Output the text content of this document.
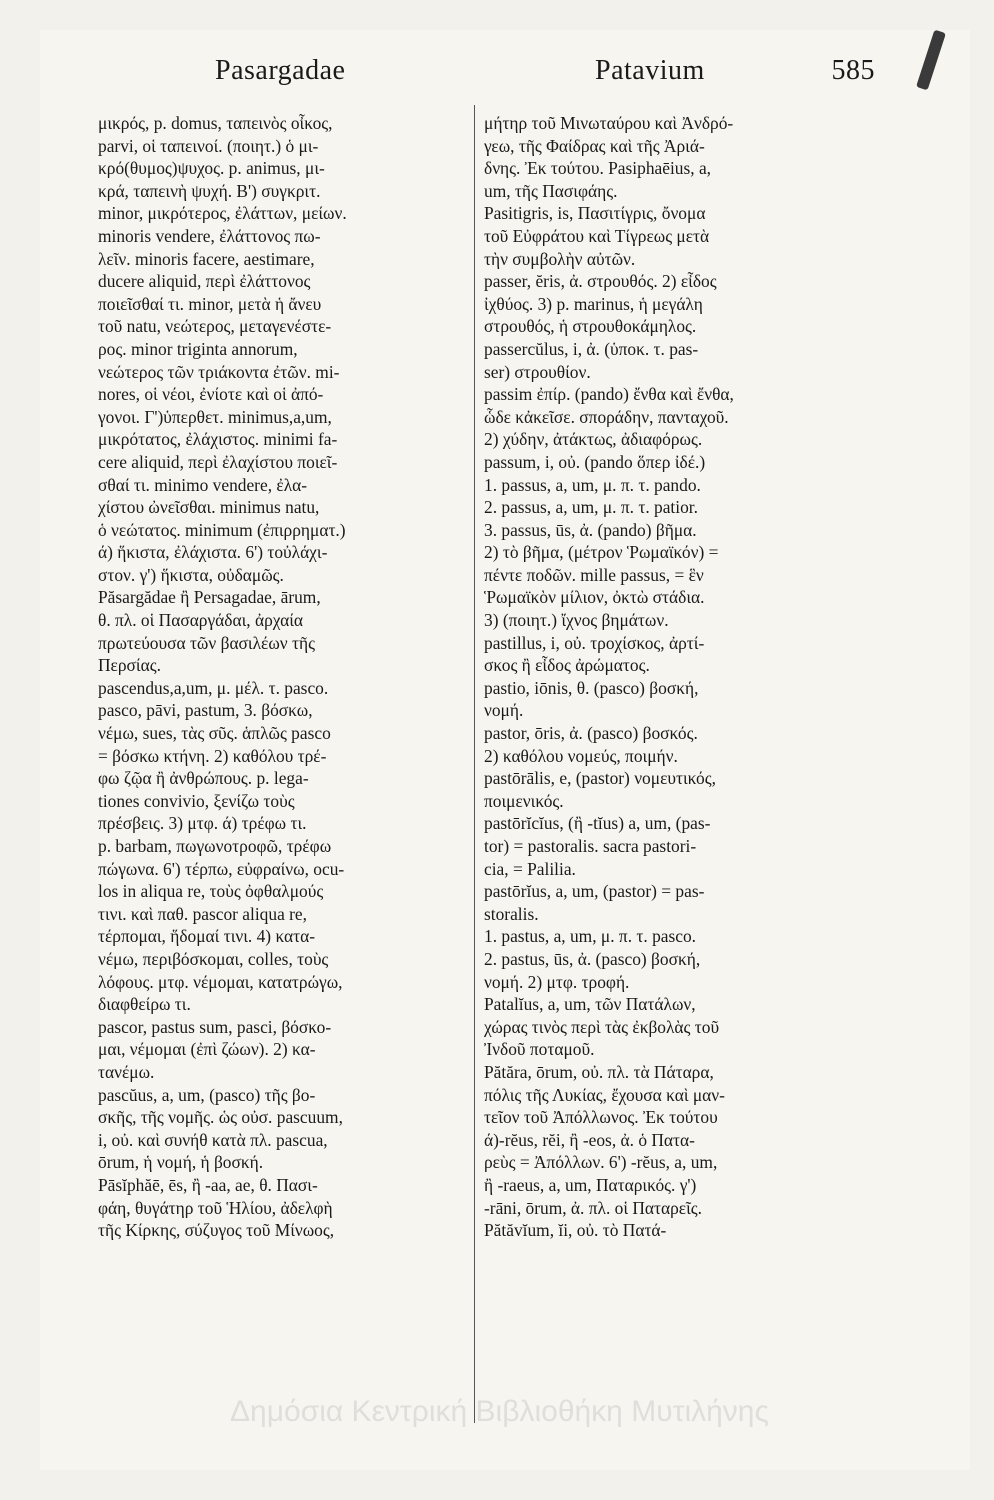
Pasargadae	Patavium	585
μικρός, p. domus, ταπεινὸς οἶκος,
parvi, οἱ ταπεινοί. (ποιητ.) ὁ μι-
κρό(θυμος)ψυχος. p. animus, μι-
κρά, ταπεινὴ ψυχή. Β') συγκριτ.
minor, μικρότερος, ἐλάττων, μείων.
minoris vendere, ἐλάττονος πω-
λεῖν. minoris facere, aestimare,
ducere aliquid, περὶ ἐλάττονος
ποιεῖσθαί τι. minor, μετὰ ἡ ἄνευ
τοῦ natu, νεώτερος, μεταγενέστε-
ρος. minor triginta annorum,
νεώτερος τῶν τριάκοντα ἐτῶν. mi-
nores, οἱ νέοι, ἐνίοτε καὶ οἱ ἀπό-
γονοι. Γ')ὑπερθετ. minimus,a,um,
μικρότατος, ἐλάχιστος. minimi fa-
cere aliquid, περὶ ἐλαχίστου ποιεῖ-
σθαί τι. minimo vendere, ἐλα-
χίστου ὠνεῖσθαι. minimus natu,
ὁ νεώτατος. minimum (ἐπιρρηματ.)
ά) ἥκιστα, ἐλάχιστα. 6') τοὐλάχι-
στον. γ') ἥκιστα, οὐδαμῶς.
Păsargădae ἢ Persagadae, ārum,
θ. πλ. οἱ Πασαργάδαι, ἀρχαία
πρωτεύουσα τῶν βασιλέων τῆς
Περσίας.
pascendus,a,um, μ. μέλ. τ. pasco.
pasco, pāvi, pastum, 3. βόσκω,
νέμω, sues, τὰς σῦς. ἁπλῶς pasco
= βόσκω κτήνη. 2) καθόλου τρέ-
φω ζῷα ἢ ἀνθρώπους. p. lega-
tiones convivio, ξενίζω τοὺς
πρέσβεις. 3) μτφ. ά) τρέφω τι.
p. barbam, πωγωνοτροφῶ, τρέφω
πώγωνα. 6') τέρπω, εὐφραίνω, ocu-
los in aliqua re, τοὺς ὀφθαλμούς
τινι. καὶ παθ. pascor aliqua re,
τέρπομαι, ἥδομαί τινι. 4) κατα-
νέμω, περιβόσκομαι, colles, τοὺς
λόφους. μτφ. νέμομαι, κατατρώγω,
διαφθείρω τι.
pascor, pastus sum, pasci, βόσκο-
μαι, νέμομαι (ἐπὶ ζώων). 2) κα-
τανέμω.
pascŭus, a, um, (pasco) τῆς βο-
σκῆς, τῆς νομῆς. ὡς οὐσ. pascuum,
i, οὐ. καὶ συνήθ κατὰ πλ. pascua,
ōrum, ἡ νομή, ἡ βοσκή.
Pāsĭphăē, ēs, ἢ -aa, ae, θ. Πασι-
φάη, θυγάτηρ τοῦ Ἡλίου, ἀδελφὴ
τῆς Κίρκης, σύζυγος τοῦ Μίνωος,
μήτηρ τοῦ Μινωταύρου καὶ Ἀνδρό-
γεω, τῆς Φαίδρας καὶ τῆς Ἀριά-
δνης. Ἐκ τούτου. Pasiphaēius, a,
um, τῆς Πασιφάης.
Pasitigris, is, Πασιτίγρις, ὄνομα
τοῦ Εὐφράτου καὶ Τίγρεως μετὰ
τὴν συμβολὴν αὐτῶν.
passer, ĕris, ἀ. στρουθός. 2) εἶδος
ἰχθύος. 3) p. marinus, ἡ μεγάλη
στρουθός, ἡ στρουθοκάμηλος.
passercŭlus, i, ἀ. (ὑποκ. τ. pas-
ser) στρουθίον.
passim ἐπίρ. (pando) ἔνθα καὶ ἔνθα,
ὧδε κἀκεῖσε. σποράδην, πανταχοῦ.
2) χύδην, ἀτάκτως, ἀδιαφόρως.
passum, i, οὐ. (pando ὅπερ ἰδέ.)
1. passus, a, um, μ. π. τ. pando.
2. passus, a, um, μ. π. τ. patior.
3. passus, ūs, ἀ. (pando) βῆμα.
2) τὸ βῆμα, (μέτρον Ῥωμαϊκόν) =
πέντε ποδῶν. mille passus, = ἓν
Ῥωμαϊκὸν μίλιον, ὀκτὼ στάδια.
3) (ποιητ.) ἴχνος βημάτων.
pastillus, i, οὐ. τροχίσκος, ἀρτί-
σκος ἢ εἶδος ἀρώματος.
pastio, iōnis, θ. (pasco) βοσκή,
νομή.
pastor, ōris, ἀ. (pasco) βοσκός.
2) καθόλου νομεύς, ποιμήν.
pastōrālis, e, (pastor) νομευτικός,
ποιμενικός.
pastōrĭcĭus, (ἢ -tĭus) a, um, (pas-
tor) = pastoralis. sacra pastori-
cia, = Palilia.
pastōrĭus, a, um, (pastor) = pas-
storalis.
1. pastus, a, um, μ. π. τ. pasco.
2. pastus, ūs, ἀ. (pasco) βοσκή,
νομή. 2) μτφ. τροφή.
Patalĭus, a, um, τῶν Πατάλων,
χώρας τινὸς περὶ τὰς ἐκβολὰς τοῦ
Ἰνδοῦ ποταμοῦ.
Pătăra, ōrum, οὐ. πλ. τὰ Πάταρα,
πόλις τῆς Λυκίας, ἔχουσα καὶ μαν-
τεῖον τοῦ Ἀπόλλωνος. Ἐκ τούτου
ά)-rĕus, rĕi, ἢ -eos, ἀ. ὁ Πατα-
ρεὺς = Ἀπόλλων. 6') -rĕus, a, um,
ἢ -raeus, a, um, Παταρικός. γ')
-rāni, ōrum, ἀ. πλ. οἱ Παταρεῖς.
Pătăvĭum, ĭi, οὐ. τὸ Πατά-
Δημόσια Κεντρική Βιβλιοθήκη Μυτιλήνης
